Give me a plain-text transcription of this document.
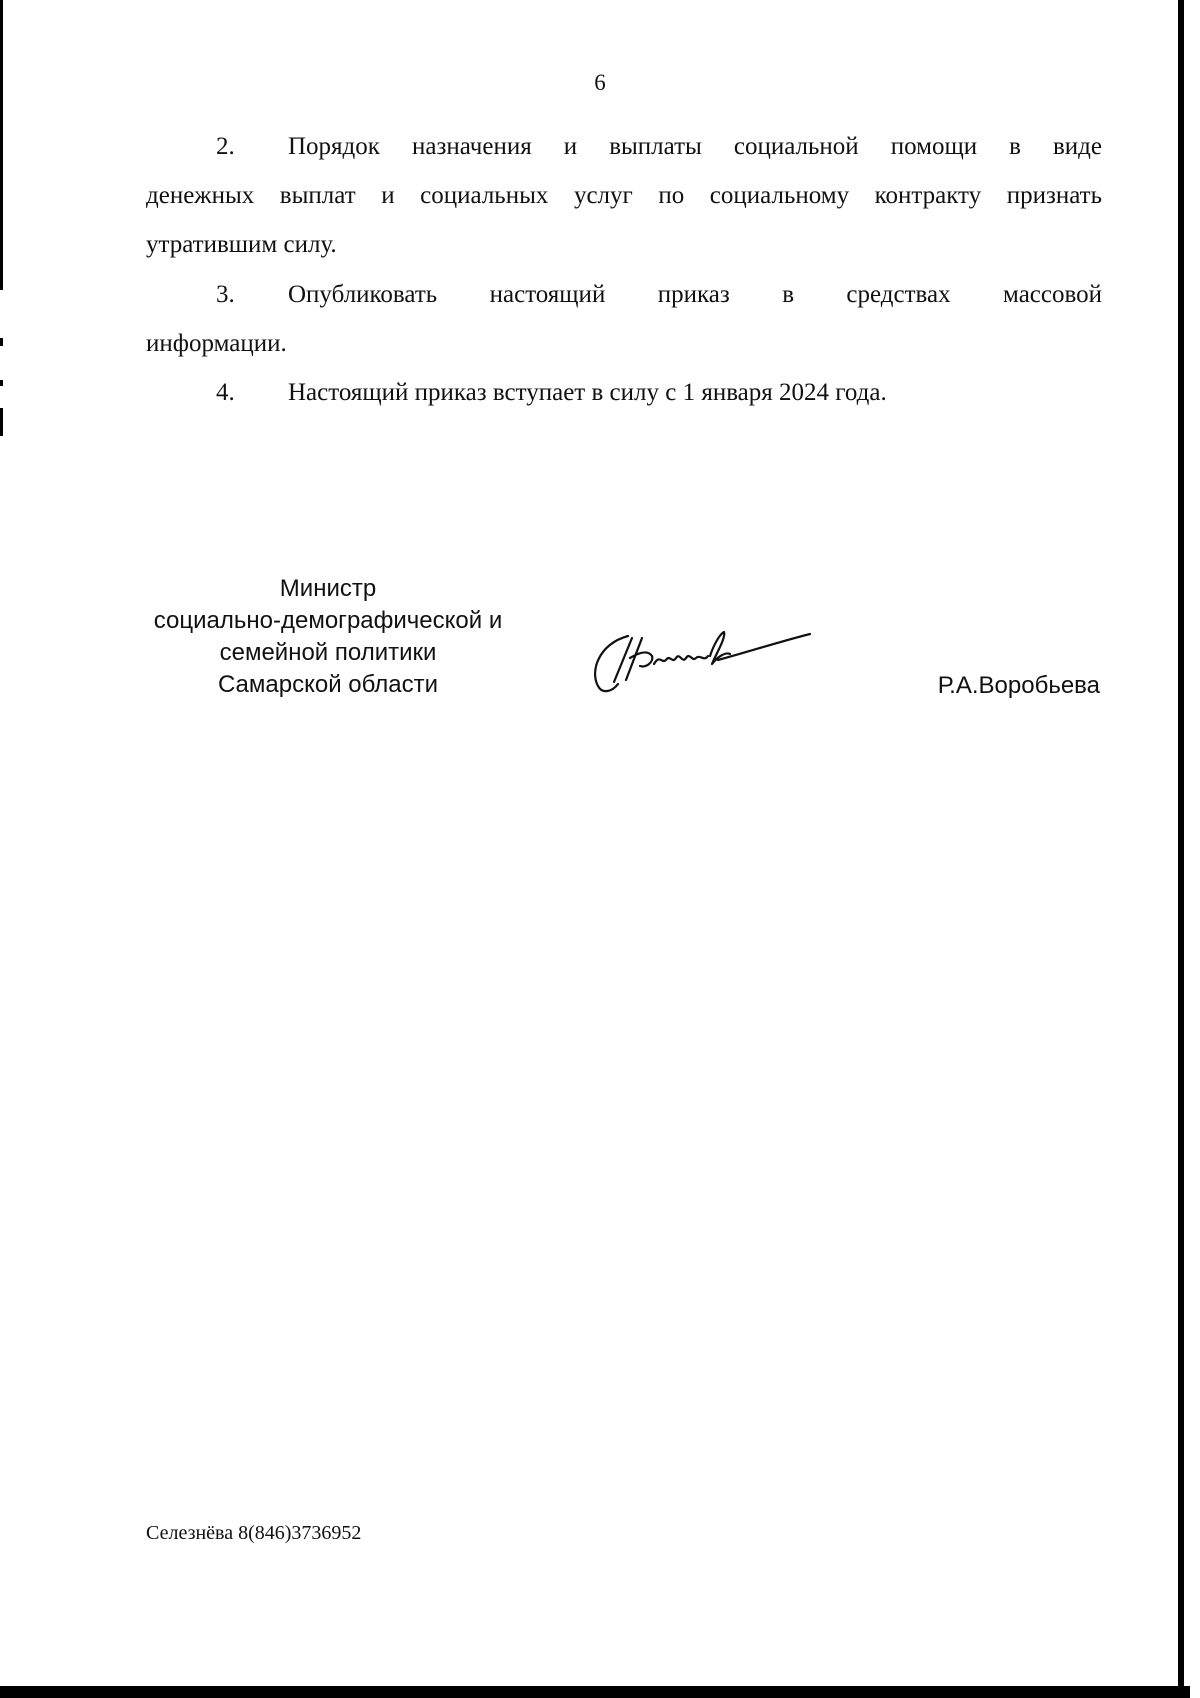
6
2.	Порядок назначения и выплаты социальной помощи в виде
денежных выплат и социальных услуг по социальному контракту признать
утратившим силу.
3.	Опубликовать настоящий приказ в средствах массовой
информации.
4.	Настоящий приказ вступает в силу с 1 января 2024 года.
Министр
социально-демографической и
семейной политики
Самарской области	Р.А.Воробьева
Селезнёва 8(846)3736952
